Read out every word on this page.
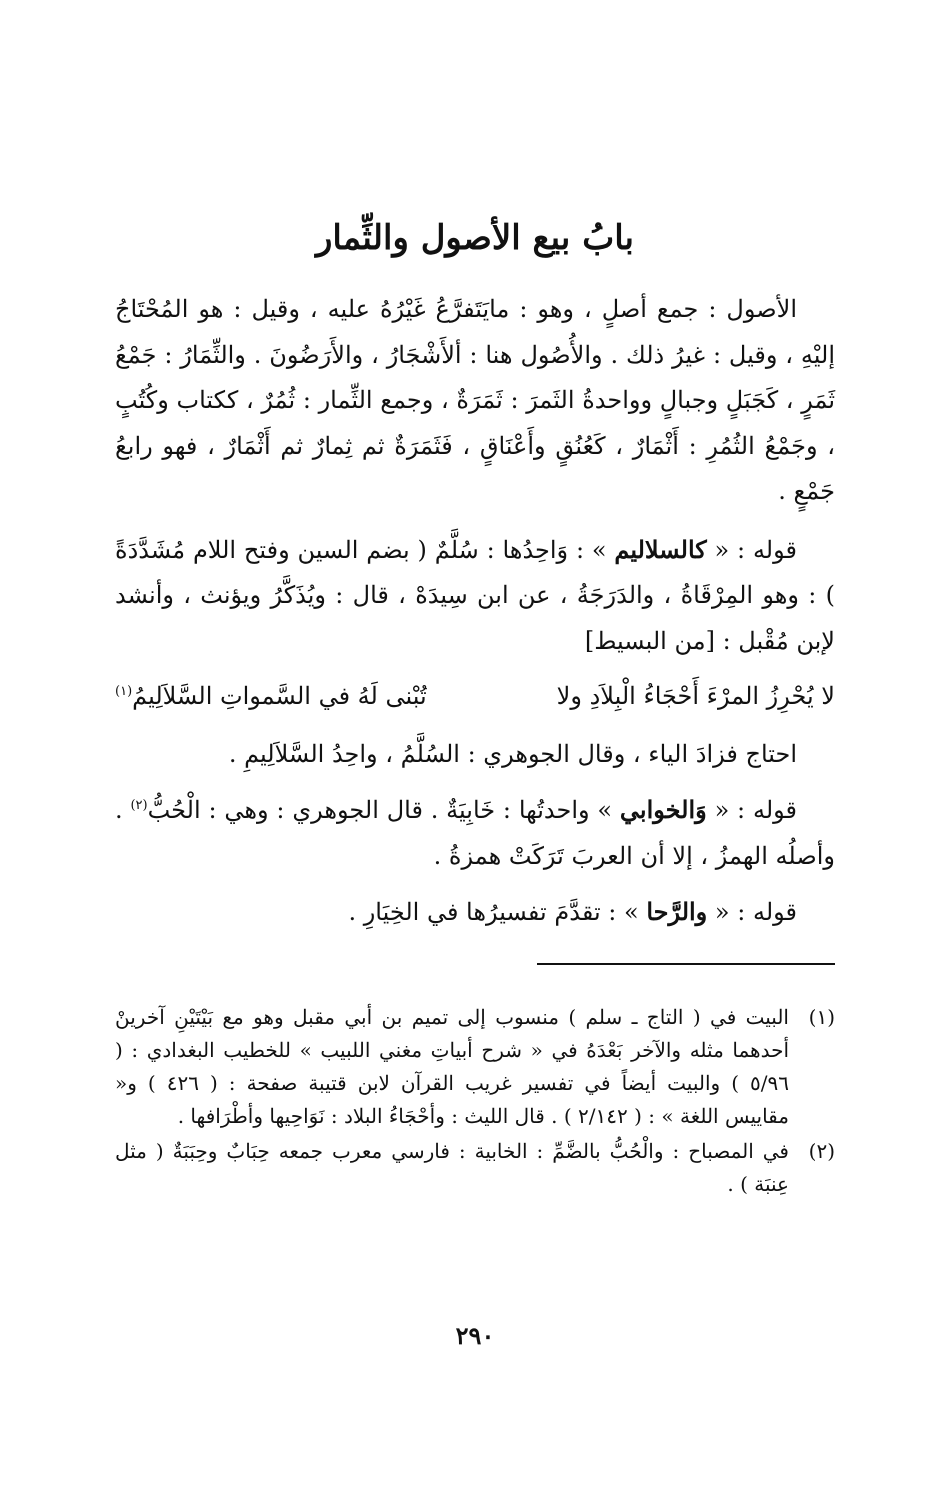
بابُ بيع الأصول والثِّمار

الأصول : جمع أصلٍ ، وهو : مايَتَفرَّعُ غَيْرُهُ عليه ، وقيل : هو المُحْتَاجُ إليْهِ ، وقيل : غيرُ ذلك . والأُصُول هنا : ألأَشْجَارُ ، والأَرَضُونَ . والثِّمَارُ : جَمْعُ ثَمَرٍ ، كَجَبَلٍ وجبالٍ وواحدةُ الثَمرَ : ثَمَرَةٌ ، وجمع الثِّمار : ثُمُرٌ ، ككتاب وكُتُبٍ ، وجَمْعُ الثُمُرِ : أَثْمَارٌ ، كَعُنُقٍ وأَعْنَاقٍ ، فَثَمَرَةٌ ثم ثِمارٌ ثم أَثْمَارٌ ، فهو رابعُ جَمْعٍ .

قوله : « كالسلاليم » : وَاحِدُها : سُلَّمٌ ( بضم السين وفتح اللام مُشَدَّدَةً ) : وهو المِرْقَاةُ ، والدَرَجَةُ ، عن ابن سِيدَهْ ، قال : ويُذَكَّرُ ويؤنث ، وأنشد لإبن مُقْبل : [من البسيط]

لا يُحْرِزُ المرْءَ أَحْجَاءُ الْبِلاَدِ ولا
تُبْنى لَهُ في السَّمواتِ السَّلاَلِيمُ$^{(١)}$

احتاج فزادَ الياء ، وقال الجوهري : السُلَّمُ ، واحِدُ السَّلاَلِيمِ .

قوله : « وَالخوابي » واحدتُها : خَابِيَةٌ . قال الجوهري : وهي : الْحُبُّ$^{(٢)}$ . وأصلُه الهمزُ ، إلا أن العربَ تَرَكَتْ همزةُ .

قوله : « والرَّحا » : تقدَّمَ تفسيرُها في الخِيَارِ .

(١)
البيت في ( التاج ـ سلم ) منسوب إلى تميم بن أبي مقبل وهو مع بَيْتَيْنِ آخرينْ أحدهما مثله والآخر بَعْدَهُ في « شرح أبياتِ مغني اللبيب » للخطيب البغدادي : ( ٥/٩٦ ) والبيت أيضاً في تفسير غريب القرآن لابن قتيبة صفحة : ( ٤٢٦ ) و« مقاييس اللغة » : ( ٢/١٤٢ ) . قال الليث : وأحْجَاءُ البلاد : نَوَاحِيها وأطْرَافها .
(٢)
في المصباح : والْحُبُّ بالضَّمِّ : الخابية : فارسي معرب جمعه حِبَابٌ وحِبَبَةٌ ( مثل عِنبَة ) .
٢٩٠
